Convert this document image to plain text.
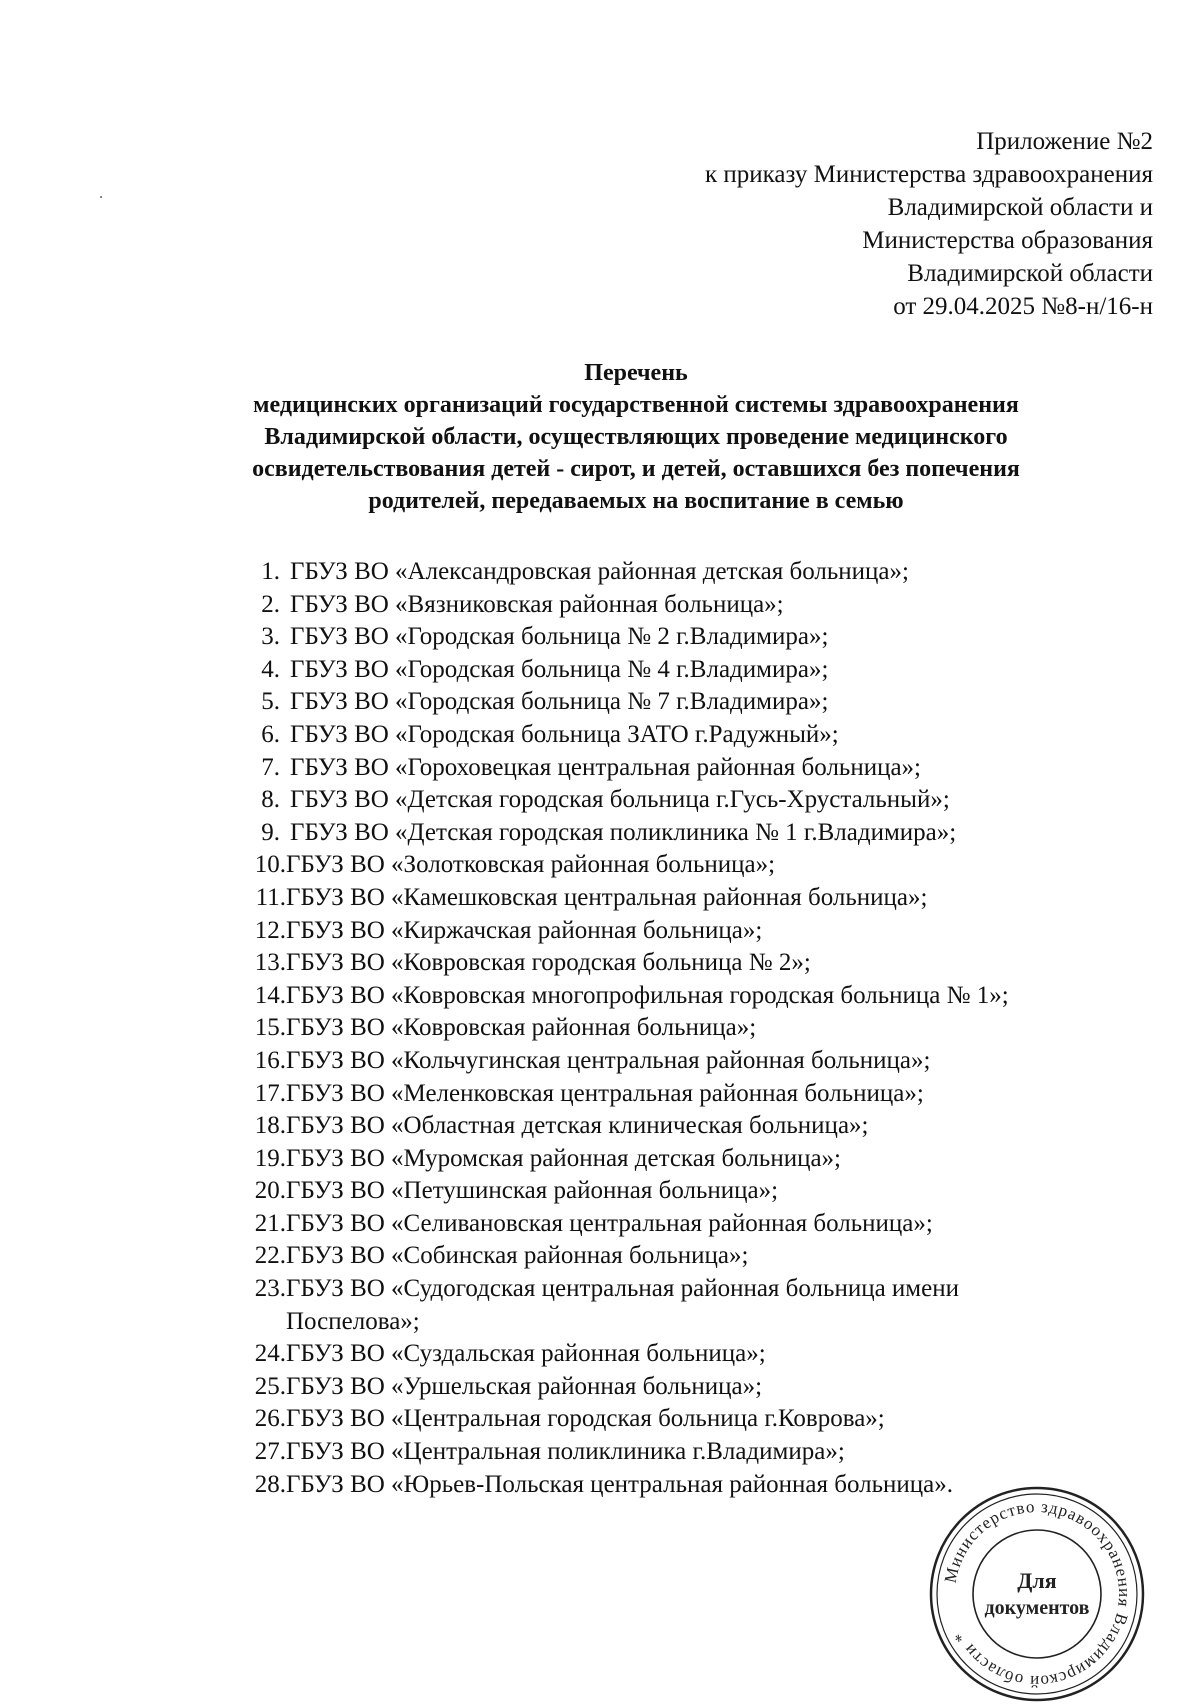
Приложение №2
к приказу Министерства здравоохранения
Владимирской области и
Министерства образования
Владимирской области
от 29.04.2025 №8-н/16-н
Перечень
медицинских организаций государственной системы здравоохранения
Владимирской области, осуществляющих проведение медицинского
освидетельствования детей - сирот, и детей, оставшихся без попечения
родителей, передаваемых на воспитание в семью
1. ГБУЗ ВО «Александровская районная детская больница»;
2. ГБУЗ ВО «Вязниковская районная больница»;
3. ГБУЗ ВО «Городская больница № 2 г.Владимира»;
4. ГБУЗ ВО «Городская больница № 4 г.Владимира»;
5. ГБУЗ ВО «Городская больница № 7 г.Владимира»;
6. ГБУЗ ВО «Городская больница ЗАТО г.Радужный»;
7. ГБУЗ ВО «Гороховецкая центральная районная больница»;
8. ГБУЗ ВО «Детская городская больница г.Гусь-Хрустальный»;
9. ГБУЗ ВО «Детская городская поликлиника № 1 г.Владимира»;
10. ГБУЗ ВО «Золотковская районная больница»;
11. ГБУЗ ВО «Камешковская центральная районная больница»;
12. ГБУЗ ВО «Киржачская районная больница»;
13. ГБУЗ ВО «Ковровская городская больница № 2»;
14. ГБУЗ ВО «Ковровская многопрофильная городская больница № 1»;
15. ГБУЗ ВО «Ковровская районная больница»;
16. ГБУЗ ВО «Кольчугинская центральная районная больница»;
17. ГБУЗ ВО «Меленковская центральная районная больница»;
18. ГБУЗ ВО «Областная детская клиническая больница»;
19. ГБУЗ ВО «Муромская районная детская больница»;
20. ГБУЗ ВО «Петушинская районная больница»;
21. ГБУЗ ВО «Селивановская центральная районная больница»;
22. ГБУЗ ВО «Собинская районная больница»;
23. ГБУЗ ВО «Судогодская центральная районная больница имени Поспелова»;
24. ГБУЗ ВО «Суздальская районная больница»;
25. ГБУЗ ВО «Уршельская районная больница»;
26. ГБУЗ ВО «Центральная городская больница г.Коврова»;
27. ГБУЗ ВО «Центральная поликлиника г.Владимира»;
28. ГБУЗ ВО «Юрьев-Польская центральная районная больница».
Министерство здравоохранения Владимирской области *
Для
документов
